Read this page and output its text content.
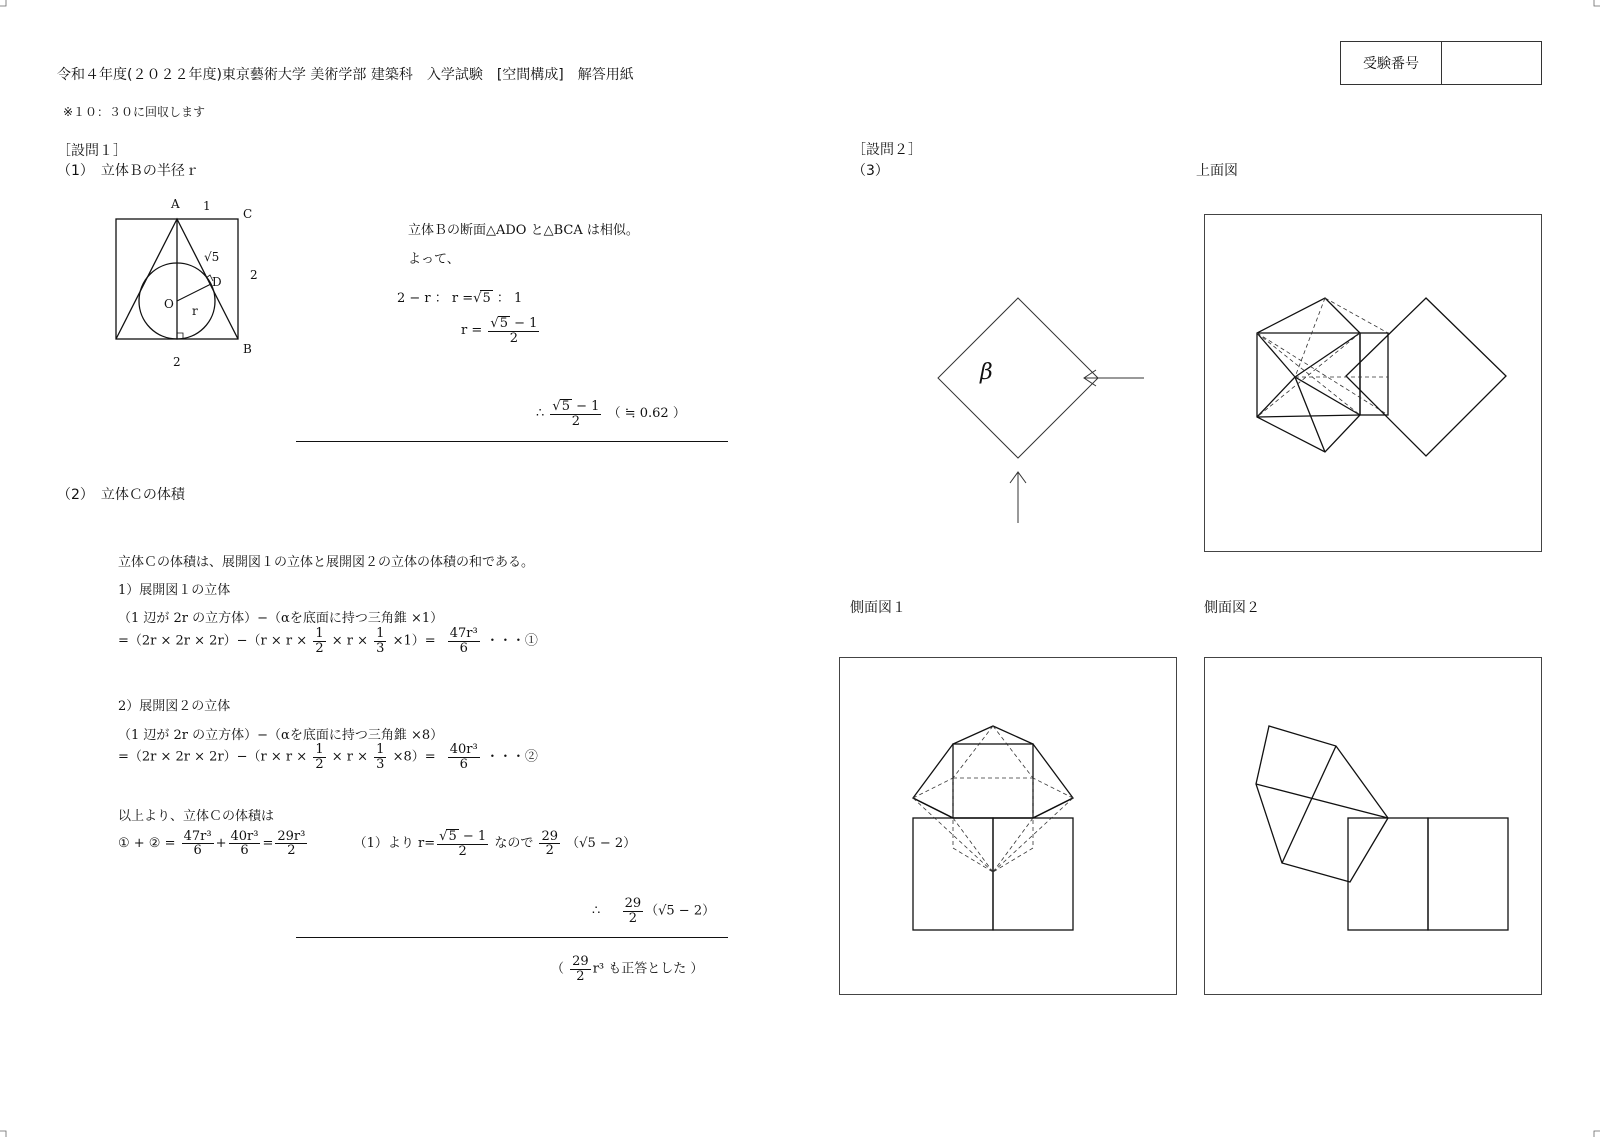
令和４年度(２０２２年度)東京藝術大学 美術学部 建築科　入学試験　[空間構成]　解答用紙
※１０：３０に回収します
受験番号
［設問１］
（1）　立体Ｂの半径ｒ
A 1
C
√5
D 2
O r
2
B
立体Ｂの断面△ADO と△BCA は相似。
よって、
2 − r ： r =√5 ： 1
$r = \frac{√5 - 1}{2}$
∴ $\frac{√5 - 1}{2}$ （ ≒ 0.62 ）
（2）　立体Ｃの体積
立体Ｃの体積は、展開図１の立体と展開図２の立体の体積の和である。
1）展開図１の立体
（1 辺が 2r の立方体）−（αを底面に持つ三角錐 ×1）
$=(2r \times 2r \times 2r)-(r \times r \times \frac{1}{2} \times r \times \frac{1}{3} \times 1)= \frac{\text{47r³}}{6}$ ・・・①
2）展開図２の立体
（1 辺が 2r の立方体）−（αを底面に持つ三角錐 ×8）
$=(2r \times 2r \times 2r)-(r \times r \times \frac{1}{2} \times r \times \frac{1}{3} \times 8)= \frac{\text{40r³}}{6}$ ・・・②
以上より、立体Ｃの体積は
① + ② = $\frac{\text{47r³}}{6} + \frac{\text{40r³}}{6} = \frac{\text{29r³}}{2}$	（1）より $r= \frac{√5 - 1}{2}$ なので $\frac{29}{2} (√5 - 2)$
∴ $\frac{29}{2} (√5 - 2)$
（ $\frac{29}{2} r^3$ も正答とした ）
［設問２］
（3）
β
上面図
側面図１	側面図２
